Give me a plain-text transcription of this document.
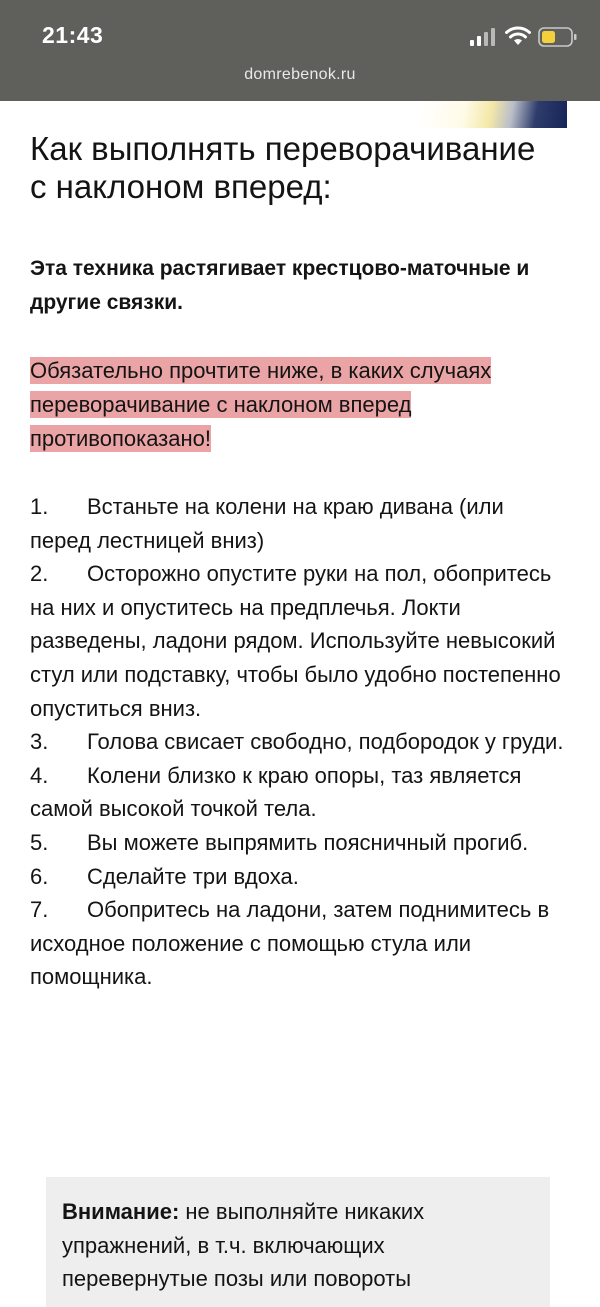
21:43
domrebenok.ru
Как выполнять переворачивание с наклоном вперед:

Эта техника растягивает крестцово-маточные и другие связки.

Обязательно прочтите ниже, в каких случаях переворачивание с наклоном вперед противопоказано!
1. Встаньте на колени на краю дивана (или перед лестницей вниз)
2. Осторожно опустите руки на пол, обопритесь на них и опуститесь на предплечья. Локти разведены, ладони рядом. Используйте невысокий стул или подставку, чтобы было удобно постепенно опуститься вниз.
3. Голова свисает свободно, подбородок у груди.
4. Колени близко к краю опоры, таз является самой высокой точкой тела.
5. Вы можете выпрямить поясничный прогиб.
6. Сделайте три вдоха.
7. Обопритесь на ладони, затем поднимитесь в исходное положение с помощью стула или помощника.
Внимание: не выполняйте никаких упражнений, в т.ч. включающих перевернутые позы или повороты
